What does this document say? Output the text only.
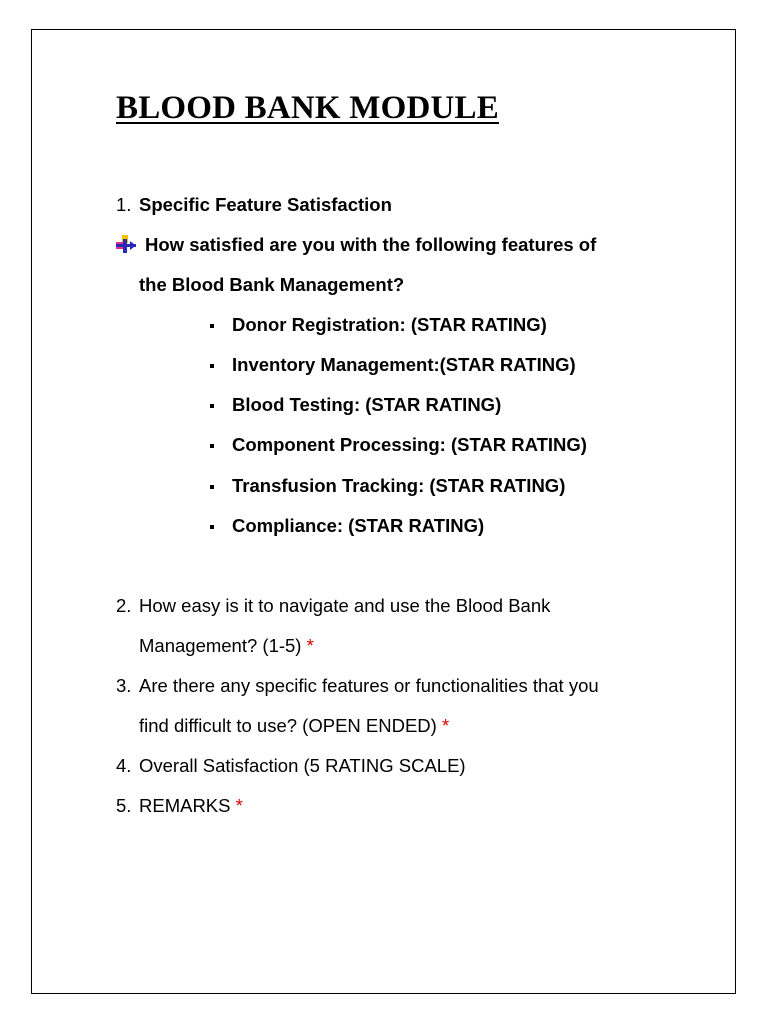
BLOOD BANK MODULE
1. Specific Feature Satisfaction
How satisfied are you with the following features of
the Blood Bank Management?
Donor Registration: (STAR RATING)
Inventory Management:(STAR RATING)
Blood Testing: (STAR RATING)
Component Processing: (STAR RATING)
Transfusion Tracking: (STAR RATING)
Compliance: (STAR RATING)
2. How easy is it to navigate and use the Blood Bank
Management? (1-5) *
3. Are there any specific features or functionalities that you
find difficult to use? (OPEN ENDED) *
4. Overall Satisfaction (5 RATING SCALE)
5. REMARKS *
